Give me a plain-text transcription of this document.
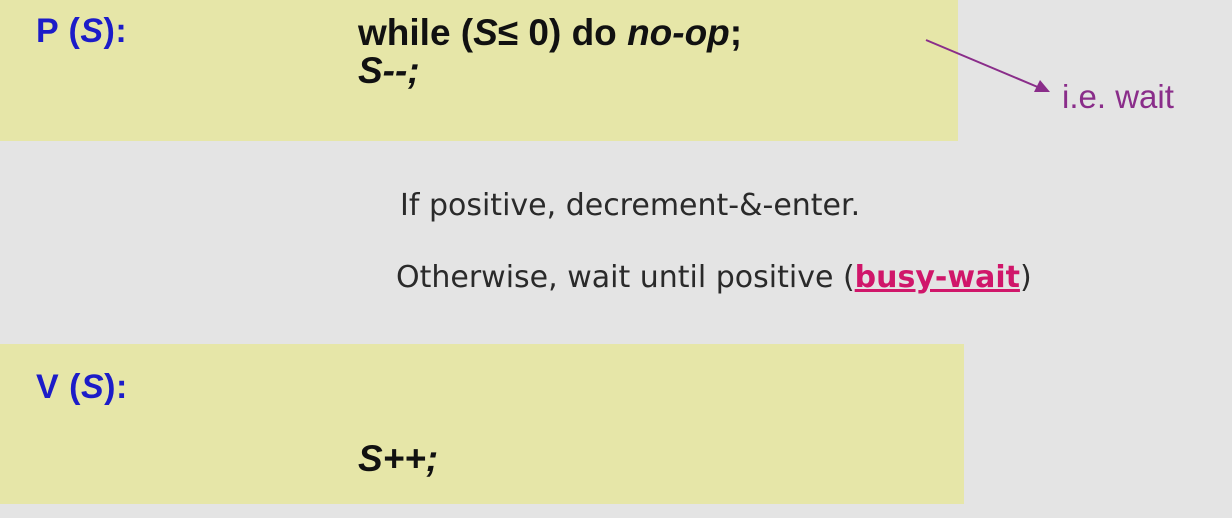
P (S):	while (S≤ 0) do no-op;
S--;
i.e. wait
If positive, decrement-&-enter.
Otherwise, wait until positive (busy-wait)
V (S):
S++;
